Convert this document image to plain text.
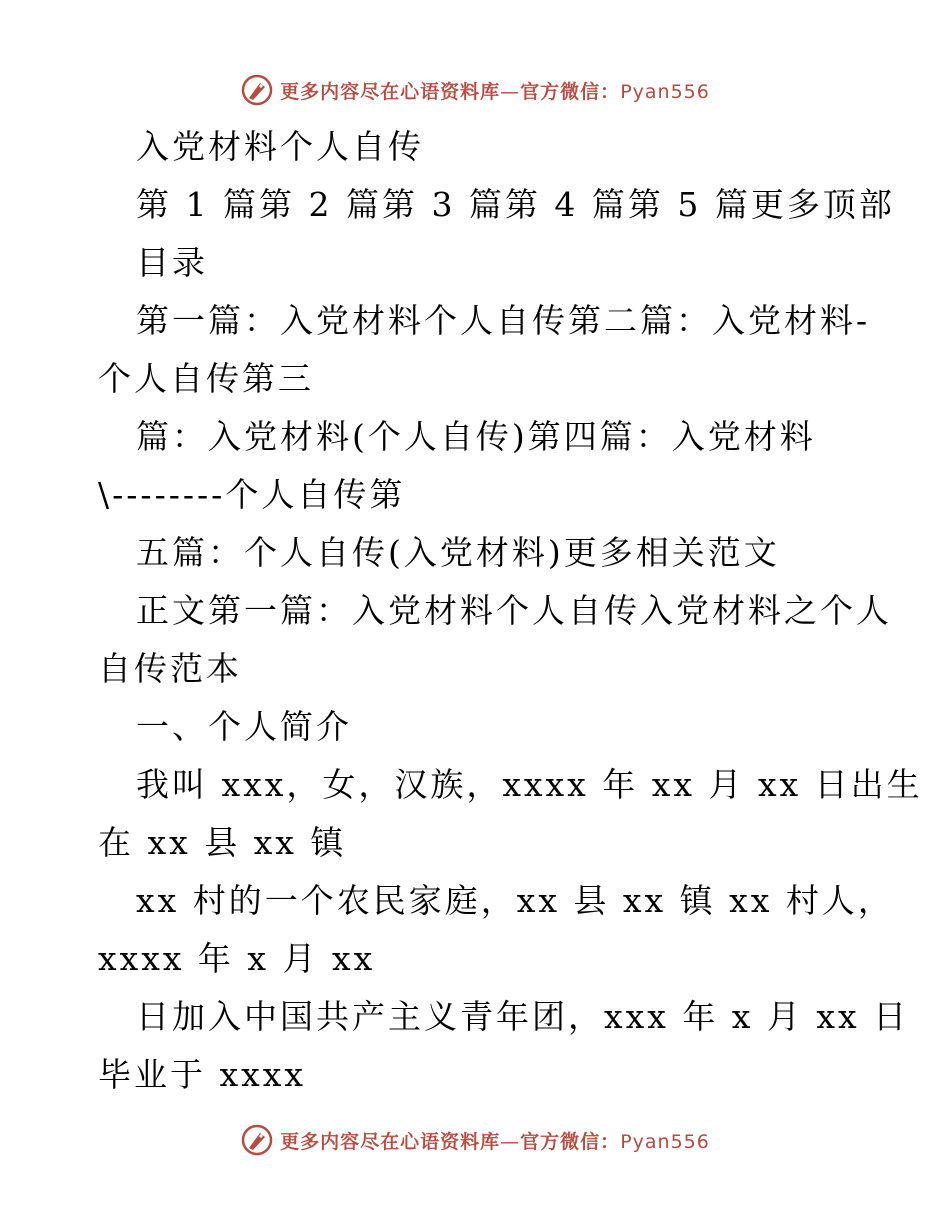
更多内容尽在心语资料库—官方微信：Pyan556
入党材料个人自传
第 1 篇第 2 篇第 3 篇第 4 篇第 5 篇更多顶部
目录
第一篇：入党材料个人自传第二篇：入党材料-
个人自传第三
篇：入党材料(个人自传)第四篇：入党材料
\--------个人自传第
五篇：个人自传(入党材料)更多相关范文
正文第一篇：入党材料个人自传入党材料之个人
自传范本
一、个人简介
我叫 xxx，女，汉族，xxxx 年 xx 月 xx 日出生
在 xx 县 xx 镇
xx 村的一个农民家庭，xx 县 xx 镇 xx 村人，
xxxx 年 x 月 xx
日加入中国共产主义青年团，xxx 年 x 月 xx 日
毕业于 xxxx
更多内容尽在心语资料库—官方微信：Pyan556
